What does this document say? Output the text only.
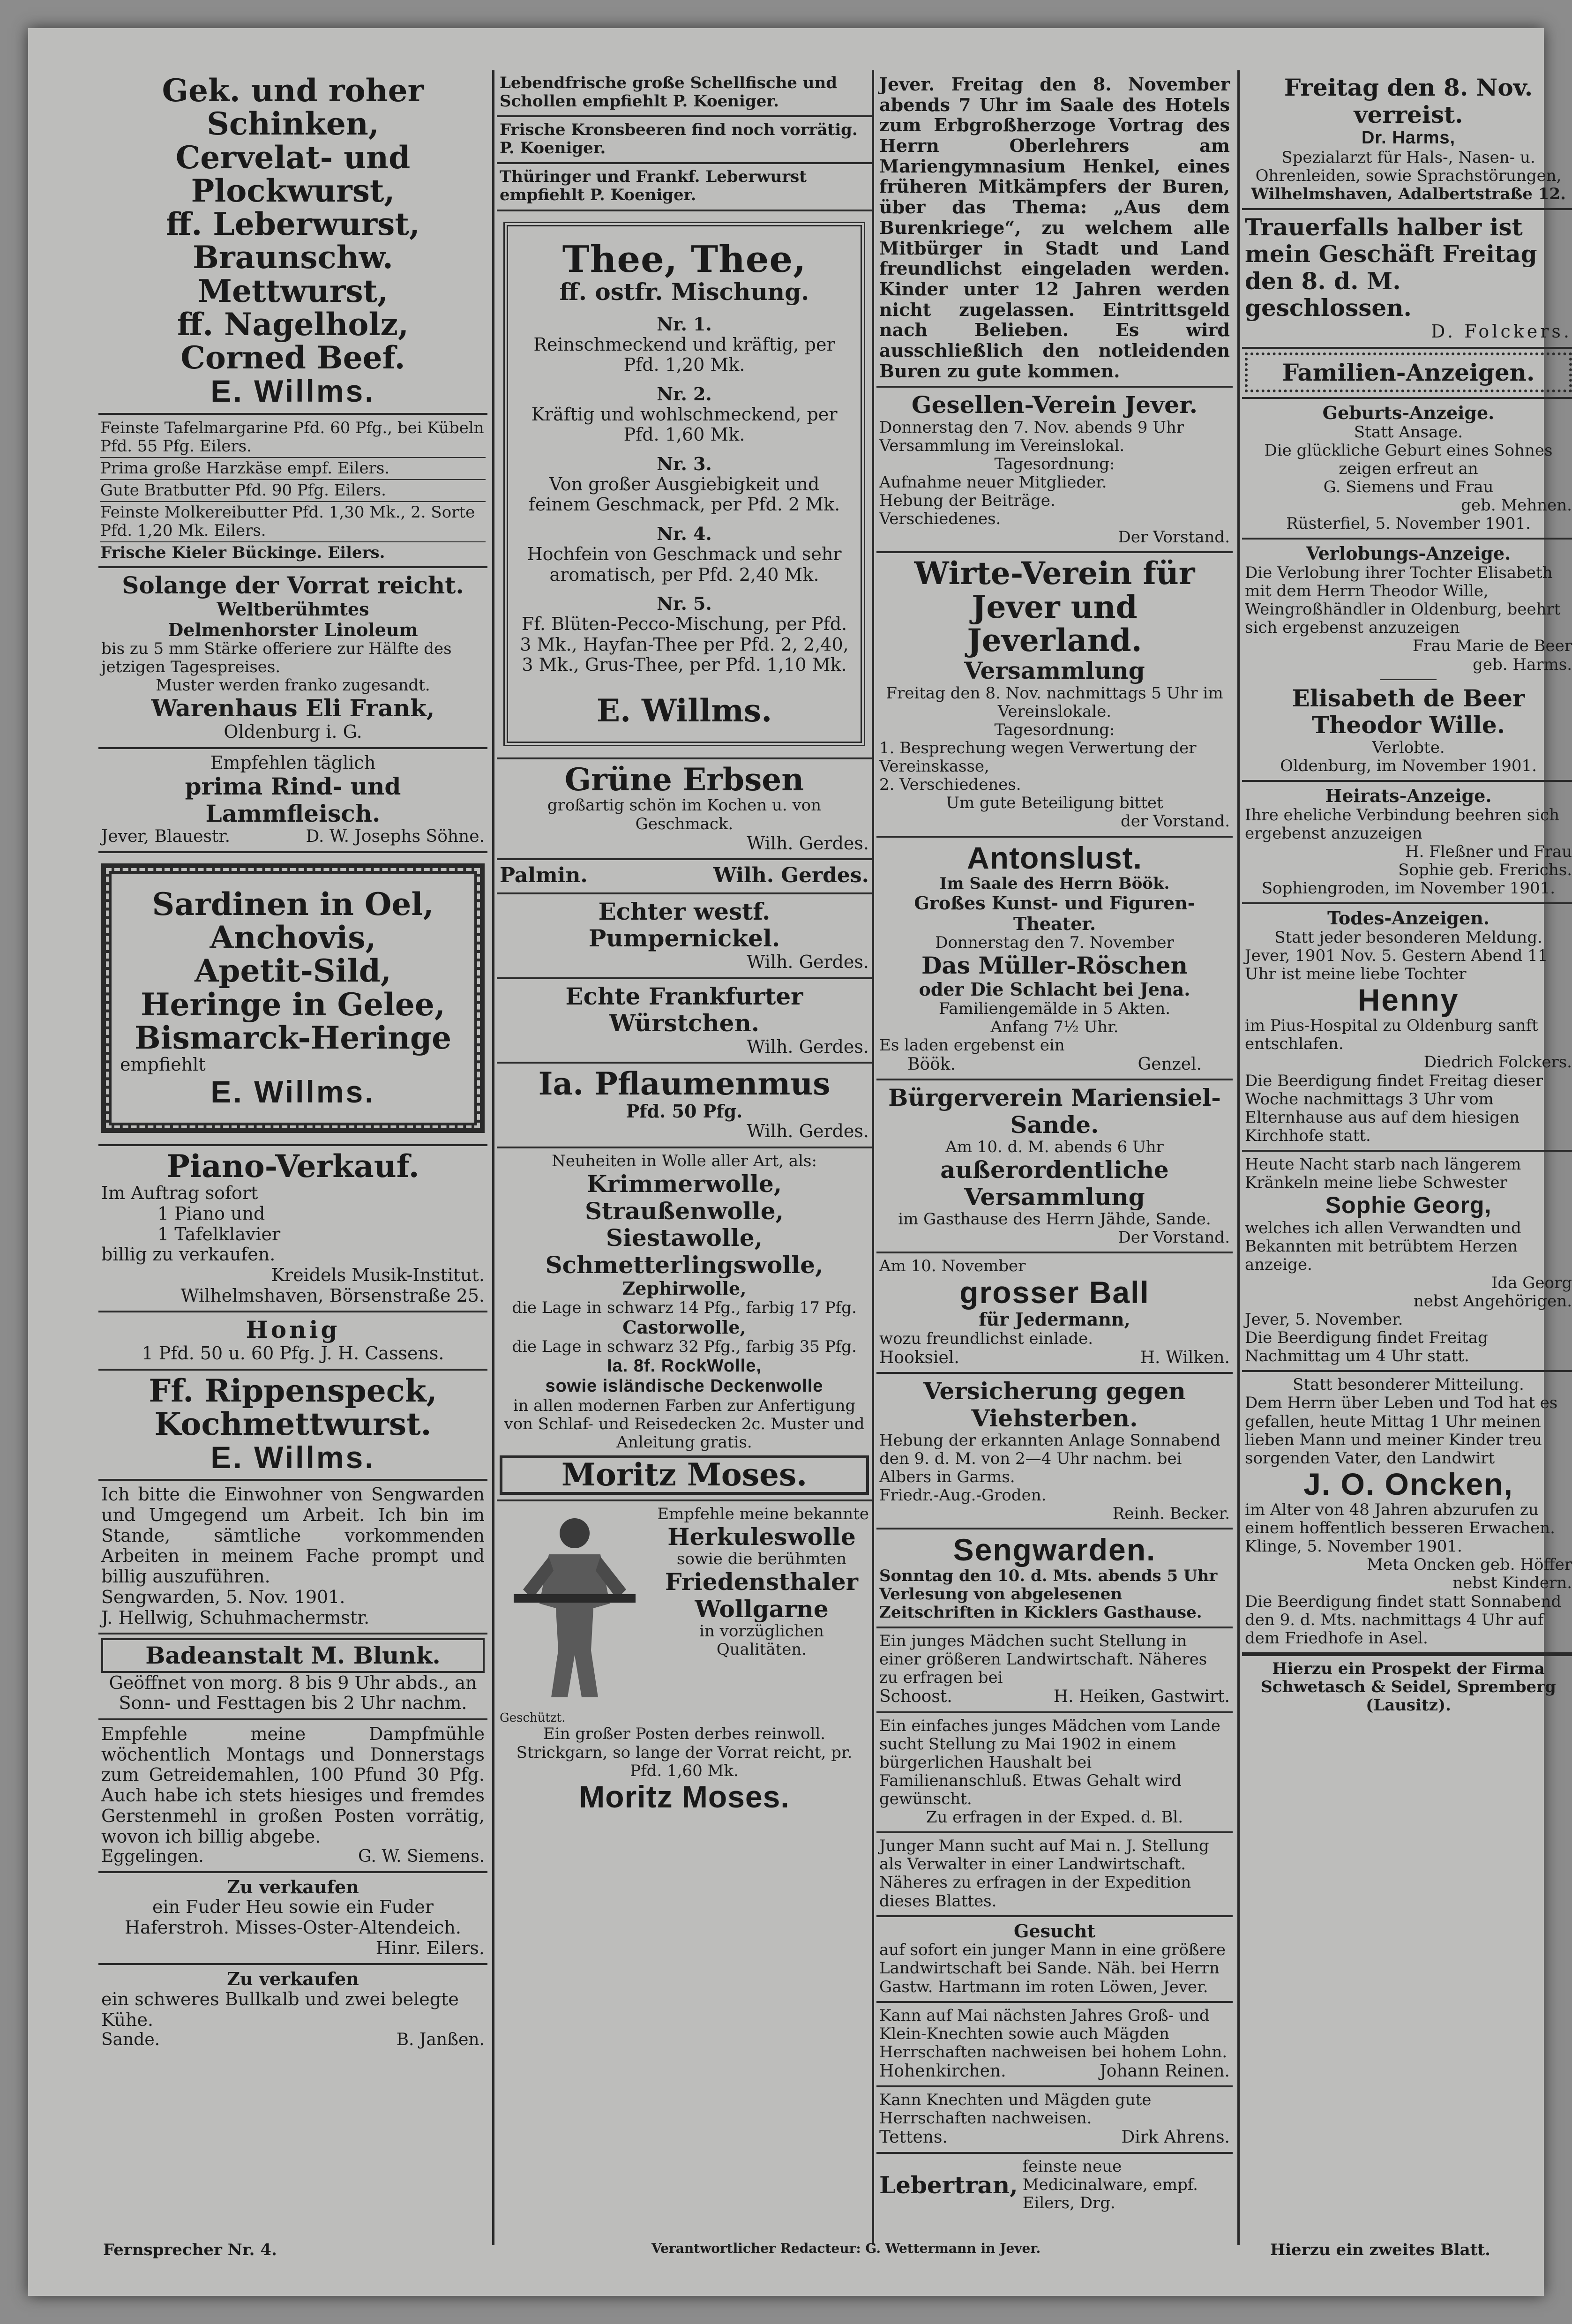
Gek. und roher Schinken,
Cervelat- und Plockwurst,
ff. Leberwurst,
Braunschw. Mettwurst,
ff. Nagelholz,
Corned Beef.
E. Willms.
Feinste Tafelmargarine Pfd. 60 Pfg., bei Kübeln Pfd. 55 Pfg. Eilers.
Prima große Harzkäse empf. Eilers.
Gute Bratbutter Pfd. 90 Pfg. Eilers.
Feinste Molkereibutter Pfd. 1,30 Mk., 2. Sorte Pfd. 1,20 Mk. Eilers.
Frische Kieler Bückinge. Eilers.
Solange der Vorrat reicht.
Weltberühmtes
Delmenhorster Linoleum
bis zu 5 mm Stärke offeriere zur Hälfte des jetzigen Tagespreises.
Muster werden franko zugesandt.
Warenhaus Eli Frank,
Oldenburg i. G.
Empfehlen täglich
prima Rind- und Lammfleisch.
Jever, Blauestr.	D. W. Josephs Söhne.
Sardinen in Oel,
Anchovis,
Apetit-Sild,
Heringe in Gelee,
Bismarck-Heringe
empfiehlt
E. Willms.
Piano-Verkauf.
Im Auftrag sofort
1 Piano und
1 Tafelklavier
billig zu verkaufen.
Kreidels Musik-Institut.
Wilhelmshaven, Börsenstraße 25.
Honig
1 Pfd. 50 u. 60 Pfg. J. H. Cassens.
Ff. Rippenspeck,
Kochmettwurst.
E. Willms.
Ich bitte die Einwohner von Sengwarden und Umgegend um Arbeit. Ich bin im Stande, sämtliche vorkommenden Arbeiten in meinem Fache prompt und billig auszuführen.
Sengwarden, 5. Nov. 1901.
J. Hellwig, Schuhmachermstr.
Badeanstalt M. Blunk.
Geöffnet von morg. 8 bis 9 Uhr abds., an Sonn- und Festtagen bis 2 Uhr nachm.
Empfehle meine Dampfmühle wöchentlich Montags und Donnerstags zum Getreidemahlen, 100 Pfund 30 Pfg. Auch habe ich stets hiesiges und fremdes Gerstenmehl in großen Posten vorrätig, wovon ich billig abgebe.
Eggelingen.	G. W. Siemens.
Zu verkaufen
ein Fuder Heu sowie ein Fuder Haferstroh. Misses-Oster-Altendeich.
Hinr. Eilers.
Zu verkaufen
ein schweres Bullkalb und zwei belegte Kühe.
Sande.	B. Janßen.
Lebendfrische große Schellfische und Schollen empfiehlt P. Koeniger.
Frische Kronsbeeren find noch vorrätig. P. Koeniger.
Thüringer und Frankf. Leberwurst empfiehlt P. Koeniger.
Thee, Thee,
ff. ostfr. Mischung.
Nr. 1.
Reinschmeckend und kräftig, per Pfd. 1,20 Mk.
Nr. 2.
Kräftig und wohlschmeckend, per Pfd. 1,60 Mk.
Nr. 3.
Von großer Ausgiebigkeit und feinem Geschmack, per Pfd. 2 Mk.
Nr. 4.
Hochfein von Geschmack und sehr aromatisch, per Pfd. 2,40 Mk.
Nr. 5.
Ff. Blüten-Pecco-Mischung, per Pfd. 3 Mk., Hayfan-Thee per Pfd. 2, 2,40, 3 Mk., Grus-Thee, per Pfd. 1,10 Mk.
E. Willms.
Grüne Erbsen
großartig schön im Kochen u. von Geschmack.
Wilh. Gerdes.
Palmin.	Wilh. Gerdes.
Echter westf. Pumpernickel.
Wilh. Gerdes.
Echte Frankfurter Würstchen.
Wilh. Gerdes.
Ia. Pflaumenmus
Pfd. 50 Pfg.
Wilh. Gerdes.
Neuheiten in Wolle aller Art, als:
Krimmerwolle, Straußenwolle,
Siestawolle, Schmetterlingswolle,
Zephirwolle,
die Lage in schwarz 14 Pfg., farbig 17 Pfg.
Castorwolle,
die Lage in schwarz 32 Pfg., farbig 35 Pfg.
Ia. 8f. RockWolle,
sowie isländische Deckenwolle
in allen modernen Farben zur Anfertigung von Schlaf- und Reisedecken 2c. Muster und Anleitung gratis.
Moritz Moses.
Empfehle meine bekannte
Herkuleswolle
sowie die berühmten
Friedensthaler Wollgarne
in vorzüglichen Qualitäten.
Geschützt.
Ein großer Posten derbes reinwoll. Strickgarn, so lange der Vorrat reicht, pr. Pfd. 1,60 Mk.
Moritz Moses.
Jever. Freitag den 8. November abends 7 Uhr im Saale des Hotels zum Erbgroßherzoge Vortrag des Herrn Oberlehrers am Mariengymnasium Henkel, eines früheren Mitkämpfers der Buren, über das Thema: „Aus dem Burenkriege“, zu welchem alle Mitbürger in Stadt und Land freundlichst eingeladen werden. Kinder unter 12 Jahren werden nicht zugelassen. Eintrittsgeld nach Belieben. Es wird ausschließlich den notleidenden Buren zu gute kommen.
Gesellen-Verein Jever.
Donnerstag den 7. Nov. abends 9 Uhr Versammlung im Vereinslokal.
Tagesordnung:
Aufnahme neuer Mitglieder.
Hebung der Beiträge.
Verschiedenes.
Der Vorstand.
Wirte-Verein für Jever und Jeverland.
Versammlung
Freitag den 8. Nov. nachmittags 5 Uhr im Vereinslokale.
Tagesordnung:
1. Besprechung wegen Verwertung der Vereinskasse,
2. Verschiedenes.
Um gute Beteiligung bittet
der Vorstand.
Antonslust.
Im Saale des Herrn Böök.
Großes Kunst- und Figuren-Theater.
Donnerstag den 7. November
Das Müller-Röschen
oder Die Schlacht bei Jena.
Familiengemälde in 5 Akten.
Anfang 7½ Uhr.
Es laden ergebenst ein
Böök.	Genzel.
Bürgerverein Mariensiel-Sande.
Am 10. d. M. abends 6 Uhr
außerordentliche Versammlung
im Gasthause des Herrn Jähde, Sande.
Der Vorstand.
Am 10. November
grosser Ball
für Jedermann,
wozu freundlichst einlade.
Hooksiel.	H. Wilken.
Versicherung gegen Viehsterben.
Hebung der erkannten Anlage Sonnabend den 9. d. M. von 2—4 Uhr nachm. bei Albers in Garms.
Friedr.-Aug.-Groden.
Reinh. Becker.
Sengwarden.
Sonntag den 10. d. Mts. abends 5 Uhr Verlesung von abgelesenen Zeitschriften in Kicklers Gasthause.
Ein junges Mädchen sucht Stellung in einer größeren Landwirtschaft. Näheres zu erfragen bei
Schoost.	H. Heiken, Gastwirt.
Ein einfaches junges Mädchen vom Lande sucht Stellung zu Mai 1902 in einem bürgerlichen Haushalt bei Familienanschluß. Etwas Gehalt wird gewünscht.
Zu erfragen in der Exped. d. Bl.
Junger Mann sucht auf Mai n. J. Stellung als Verwalter in einer Landwirtschaft. Näheres zu erfragen in der Expedition dieses Blattes.
Gesucht
auf sofort ein junger Mann in eine größere Landwirtschaft bei Sande. Näh. bei Herrn Gastw. Hartmann im roten Löwen, Jever.
Kann auf Mai nächsten Jahres Groß- und Klein-Knechten sowie auch Mägden Herrschaften nachweisen bei hohem Lohn.
Hohenkirchen.	Johann Reinen.
Kann Knechten und Mägden gute Herrschaften nachweisen.
Tettens.	Dirk Ahrens.
Lebertran,
feinste neue Medicinalware, empf. Eilers, Drg.
Freitag den 8. Nov. verreist.
Dr. Harms,
Spezialarzt für Hals-, Nasen- u. Ohrenleiden, sowie Sprachstörungen,
Wilhelmshaven, Adalbertstraße 12.
Trauerfalls halber ist mein Geschäft Freitag den 8. d. M. geschlossen.
D. Folckers.
Familien-Anzeigen.
Geburts-Anzeige.
Statt Ansage.
Die glückliche Geburt eines Sohnes zeigen erfreut an
G. Siemens und Frau
geb. Mehnen.
Rüsterfiel, 5. November 1901.
Verlobungs-Anzeige.
Die Verlobung ihrer Tochter Elisabeth mit dem Herrn Theodor Wille, Weingroßhändler in Oldenburg, beehrt sich ergebenst anzuzeigen
Frau Marie de Beer
geb. Harms.
Elisabeth de Beer
Theodor Wille.
Verlobte.
Oldenburg, im November 1901.
Heirats-Anzeige.
Ihre eheliche Verbindung beehren sich ergebenst anzuzeigen
H. Fleßner und Frau
Sophie geb. Frerichs.
Sophiengroden, im November 1901.
Todes-Anzeigen.
Statt jeder besonderen Meldung.
Jever, 1901 Nov. 5. Gestern Abend 11 Uhr ist meine liebe Tochter
Henny
im Pius-Hospital zu Oldenburg sanft entschlafen.
Diedrich Folckers.
Die Beerdigung findet Freitag dieser Woche nachmittags 3 Uhr vom Elternhause aus auf dem hiesigen Kirchhofe statt.
Heute Nacht starb nach längerem Kränkeln meine liebe Schwester
Sophie Georg,
welches ich allen Verwandten und Bekannten mit betrübtem Herzen anzeige.
Ida Georg
nebst Angehörigen.
Jever, 5. November.
Die Beerdigung findet Freitag Nachmittag um 4 Uhr statt.
Statt besonderer Mitteilung.
Dem Herrn über Leben und Tod hat es gefallen, heute Mittag 1 Uhr meinen lieben Mann und meiner Kinder treu sorgenden Vater, den Landwirt
J. O. Oncken,
im Alter von 48 Jahren abzurufen zu einem hoffentlich besseren Erwachen.
Klinge, 5. November 1901.
Meta Oncken geb. Höffer
nebst Kindern.
Die Beerdigung findet statt Sonnabend den 9. d. Mts. nachmittags 4 Uhr auf dem Friedhofe in Asel.
Hierzu ein Prospekt der Firma Schwetasch & Seidel, Spremberg (Lausitz).
Fernsprecher Nr. 4.	Verantwortlicher Redacteur: G. Wettermann in Jever.	Hierzu ein zweites Blatt.
